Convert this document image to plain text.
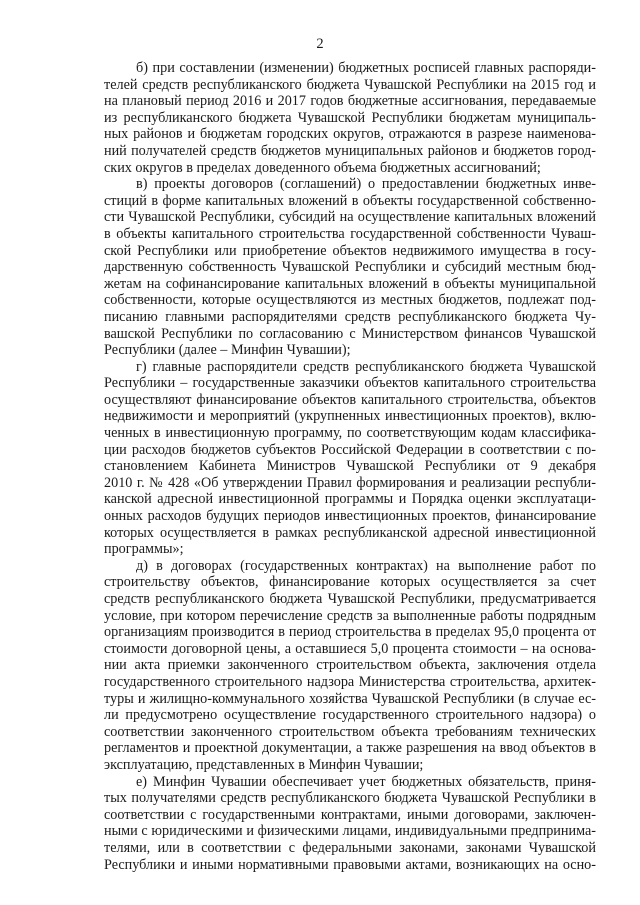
2
б) при составлении (изменении) бюджетных росписей главных распоряди-
телей средств республиканского бюджета Чувашской Республики на 2015 год и
на плановый период 2016 и 2017 годов бюджетные ассигнования, передаваемые
из республиканского бюджета Чувашской Республики бюджетам муниципаль-
ных районов и бюджетам городских округов, отражаются в разрезе наименова-
ний получателей средств бюджетов муниципальных районов и бюджетов город-
ских округов в пределах доведенного объема бюджетных ассигнований;
в) проекты договоров (соглашений) о предоставлении бюджетных инве-
стиций в форме капитальных вложений в объекты государственной собственно-
сти Чувашской Республики, субсидий на осуществление капитальных вложений
в объекты капитального строительства государственной собственности Чуваш-
ской Республики или приобретение объектов недвижимого имущества в госу-
дарственную собственность Чувашской Республики и субсидий местным бюд-
жетам на софинансирование капитальных вложений в объекты муниципальной
собственности, которые осуществляются из местных бюджетов, подлежат под-
писанию главными распорядителями средств республиканского бюджета Чу-
вашской Республики по согласованию с Министерством финансов Чувашской
Республики (далее – Минфин Чувашии);
г) главные распорядители средств республиканского бюджета Чувашской
Республики – государственные заказчики объектов капитального строительства
осуществляют финансирование объектов капитального строительства, объектов
недвижимости и мероприятий (укрупненных инвестиционных проектов), вклю-
ченных в инвестиционную программу, по соответствующим кодам классифика-
ции расходов бюджетов субъектов Российской Федерации в соответствии с по-
становлением Кабинета Министров Чувашской Республики от 9 декабря
2010 г. № 428 «Об утверждении Правил формирования и реализации республи-
канской адресной инвестиционной программы и Порядка оценки эксплуатаци-
онных расходов будущих периодов инвестиционных проектов, финансирование
которых осуществляется в рамках республиканской адресной инвестиционной
программы»;
д) в договорах (государственных контрактах) на выполнение работ по
строительству объектов, финансирование которых осуществляется за счет
средств республиканского бюджета Чувашской Республики, предусматривается
условие, при котором перечисление средств за выполненные работы подрядным
организациям производится в период строительства в пределах 95,0 процента от
стоимости договорной цены, а оставшиеся 5,0 процента стоимости – на основа-
нии акта приемки законченного строительством объекта, заключения отдела
государственного строительного надзора Министерства строительства, архитек-
туры и жилищно-коммунального хозяйства Чувашской Республики (в случае ес-
ли предусмотрено осуществление государственного строительного надзора) о
соответствии законченного строительством объекта требованиям технических
регламентов и проектной документации, а также разрешения на ввод объектов в
эксплуатацию, представленных в Минфин Чувашии;
е) Минфин Чувашии обеспечивает учет бюджетных обязательств, приня-
тых получателями средств республиканского бюджета Чувашской Республики в
соответствии с государственными контрактами, иными договорами, заключен-
ными с юридическими и физическими лицами, индивидуальными предпринима-
телями, или в соответствии с федеральными законами, законами Чувашской
Республики и иными нормативными правовыми актами, возникающих на осно-
